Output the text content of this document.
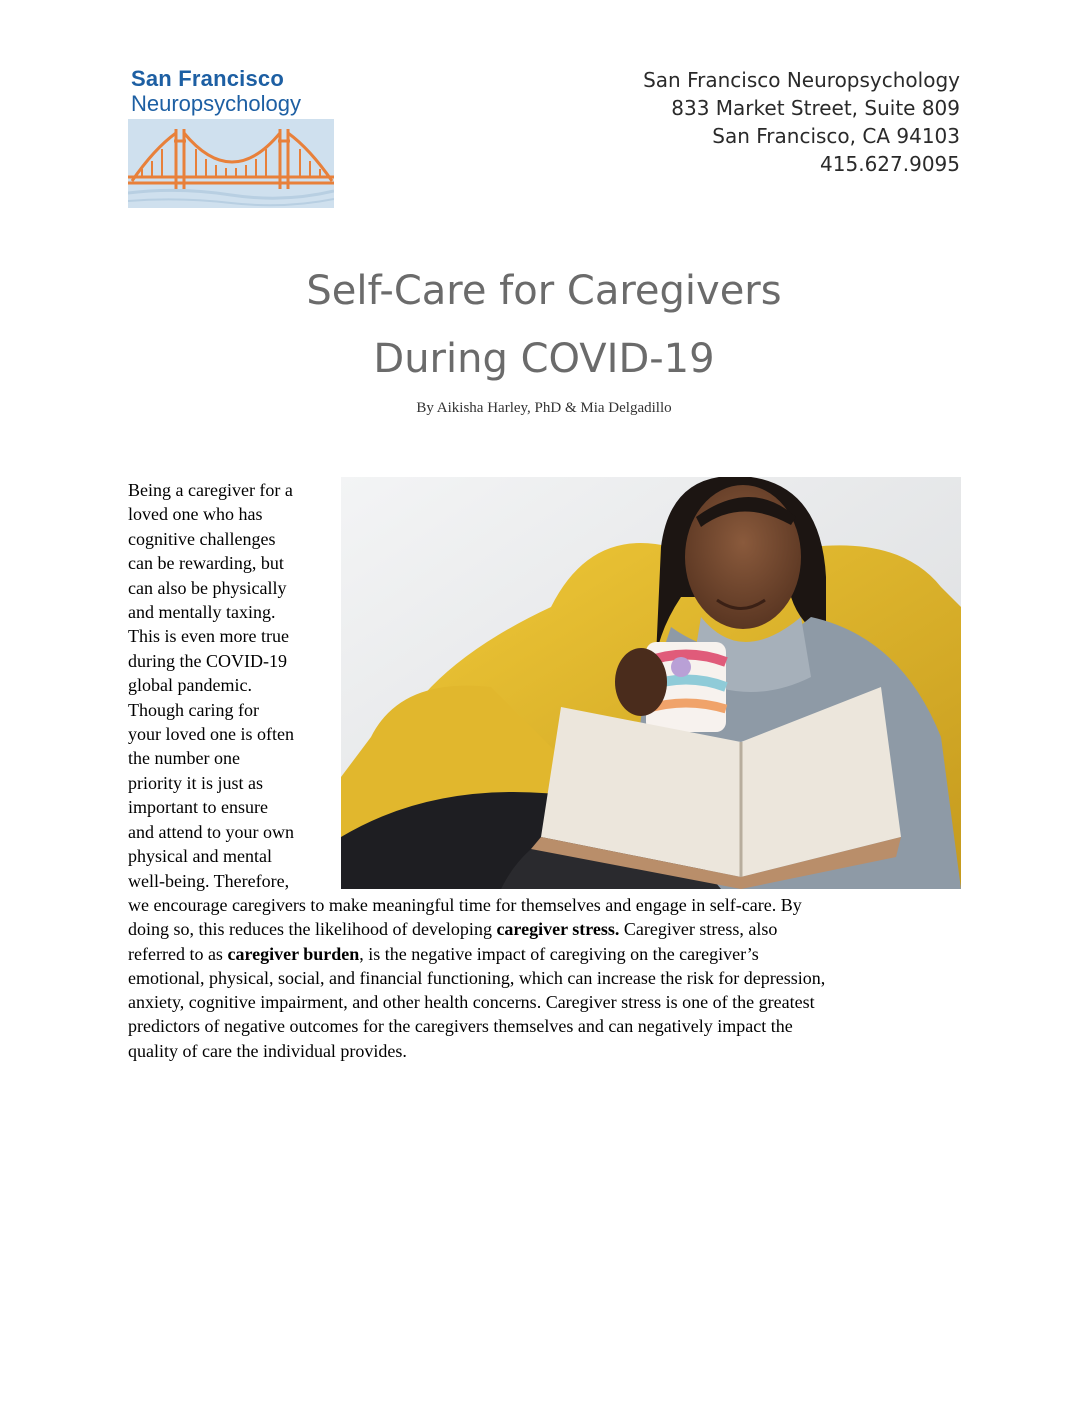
San Francisco
Neuropsychology
San Francisco Neuropsychology
833 Market Street, Suite 809
San Francisco, CA 94103
415.627.9095
Self-Care for Caregivers
During COVID-19
By Aikisha Harley, PhD & Mia Delgadillo
Being a caregiver for a
loved one who has
cognitive challenges
can be rewarding, but
can also be physically
and mentally taxing.
This is even more true
during the COVID-19
global pandemic.
Though caring for
your loved one is often
the number one
priority it is just as
important to ensure
and attend to your own
physical and mental
well-being. Therefore,
we encourage caregivers to make meaningful time for themselves and engage in self-care. By
doing so, this reduces the likelihood of developing caregiver stress. Caregiver stress, also
referred to as caregiver burden, is the negative impact of caregiving on the caregiver’s
emotional, physical, social, and financial functioning, which can increase the risk for depression,
anxiety, cognitive impairment, and other health concerns. Caregiver stress is one of the greatest
predictors of negative outcomes for the caregivers themselves and can negatively impact the
quality of care the individual provides.
